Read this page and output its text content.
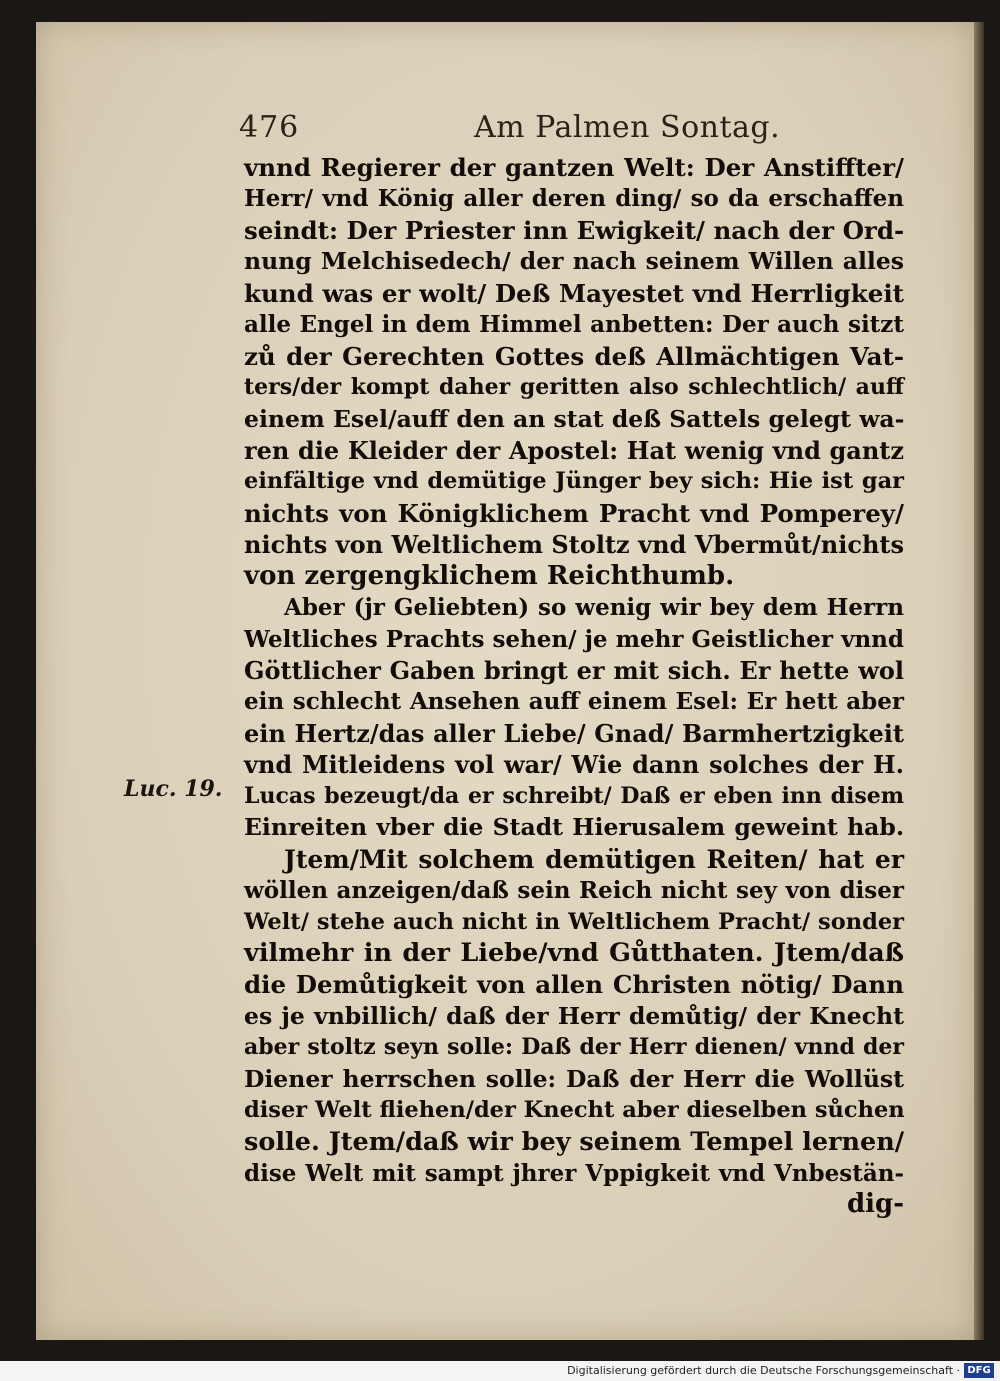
476	Am Palmen Sontag.
Luc. 19.
vnnd Regierer der gantzen Welt: Der Anstiffter/
Herr/ vnd König aller deren ding/ so da erschaffen
seindt: Der Priester inn Ewigkeit/ nach der Ord-
nung Melchisedech/ der nach seinem Willen alles
kund was er wolt/ Deß Mayestet vnd Herrligkeit
alle Engel in dem Himmel anbetten: Der auch sitzt
zů der Gerechten Gottes deß Allmächtigen Vat-
ters/der kompt daher geritten also schlechtlich/ auff
einem Esel/auff den an stat deß Sattels gelegt wa-
ren die Kleider der Apostel: Hat wenig vnd gantz
einfältige vnd demütige Jünger bey sich: Hie ist gar
nichts von Königklichem Pracht vnd Pomperey/
nichts von Weltlichem Stoltz vnd Vbermůt/nichts
von zergengklichem Reichthumb.
Aber (jr Geliebten) so wenig wir bey dem Herrn
Weltliches Prachts sehen/ je mehr Geistlicher vnnd
Göttlicher Gaben bringt er mit sich. Er hette wol
ein schlecht Ansehen auff einem Esel: Er hett aber
ein Hertz/das aller Liebe/ Gnad/ Barmhertzigkeit
vnd Mitleidens vol war/ Wie dann solches der H.
Lucas bezeugt/da er schreibt/ Daß er eben inn disem
Einreiten vber die Stadt Hierusalem geweint hab.
Jtem/Mit solchem demütigen Reiten/ hat er
wöllen anzeigen/daß sein Reich nicht sey von diser
Welt/ stehe auch nicht in Weltlichem Pracht/ sonder
vilmehr in der Liebe/vnd Gůtthaten. Jtem/daß
die Demůtigkeit von allen Christen nötig/ Dann
es je vnbillich/ daß der Herr demůtig/ der Knecht
aber stoltz seyn solle: Daß der Herr dienen/ vnnd der
Diener herrschen solle: Daß der Herr die Wollüst
diser Welt fliehen/der Knecht aber dieselben sůchen
solle. Jtem/daß wir bey seinem Tempel lernen/
dise Welt mit sampt jhrer Vppigkeit vnd Vnbestän-
dig-
Digitalisierung gefördert durch die Deutsche Forschungsgemeinschaft · DFG
